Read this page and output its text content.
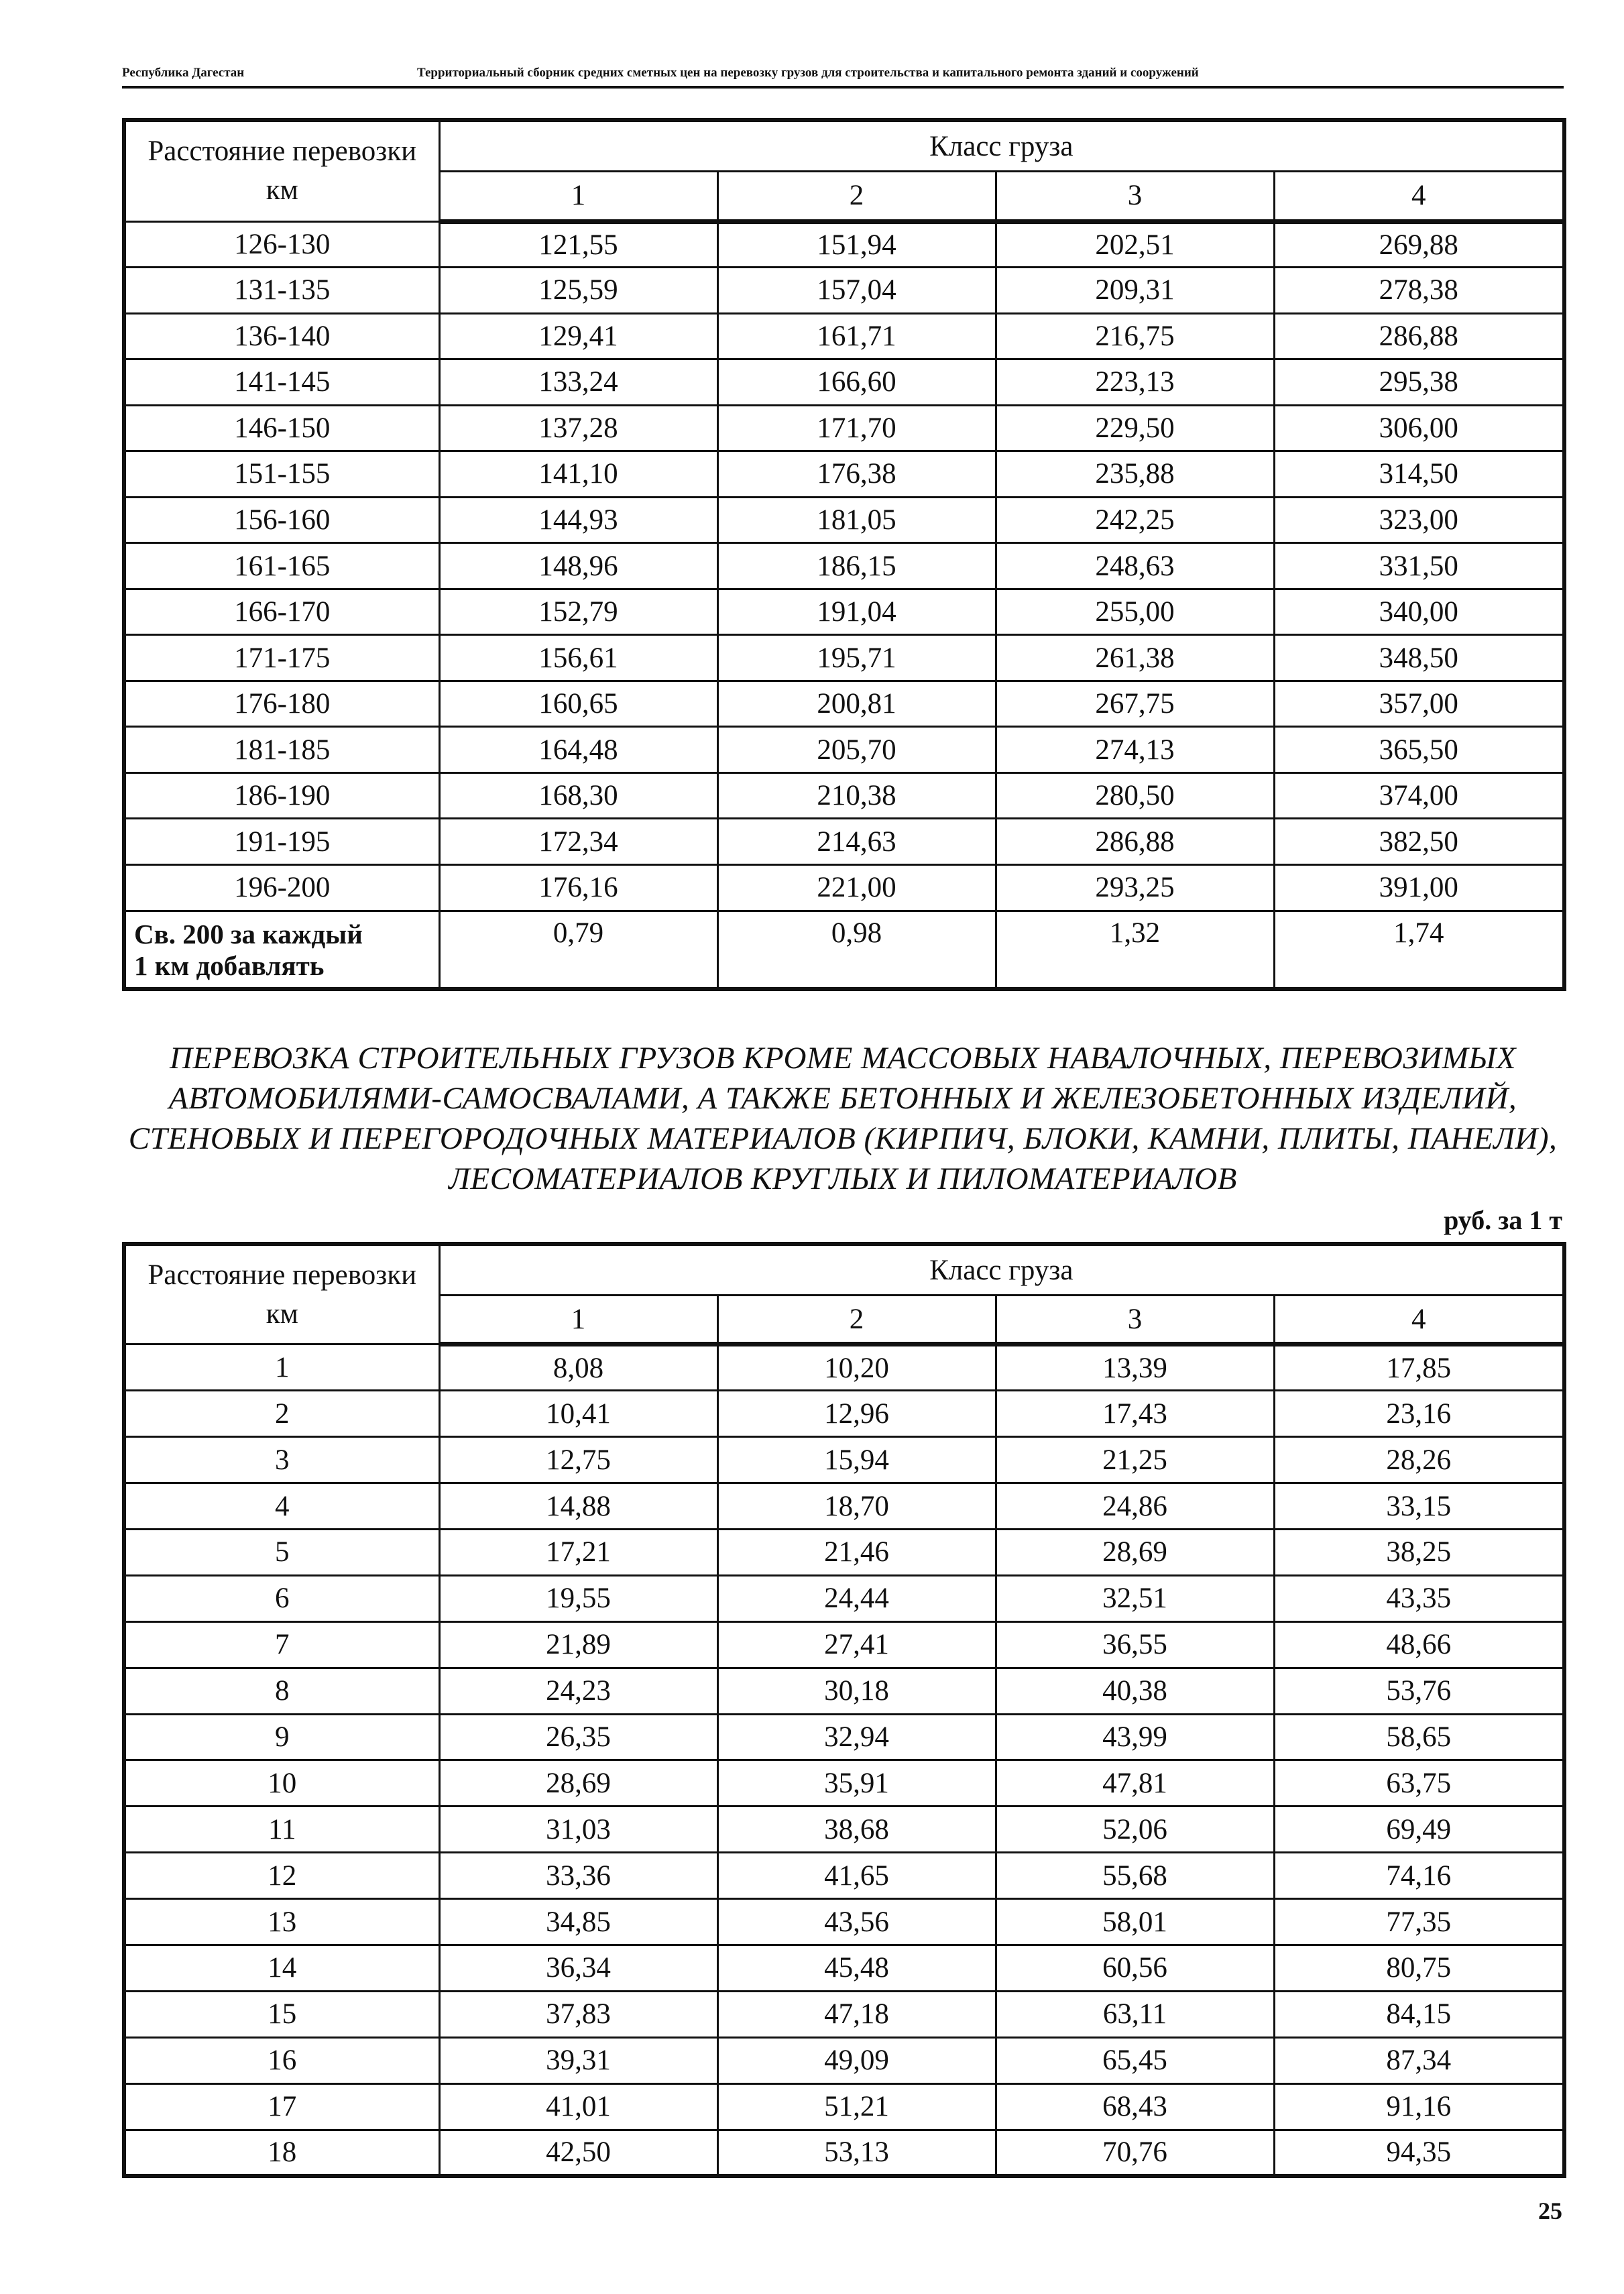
Республика Дагестан	Территориальный сборник средних сметных цен на перевозку грузов для строительства и капитального ремонта зданий и сооружений
Расстояние перевозки
км	Класс груза			
	1	2	3	4
126-130	121,55	151,94	202,51	269,88
131-135	125,59	157,04	209,31	278,38
136-140	129,41	161,71	216,75	286,88
141-145	133,24	166,60	223,13	295,38
146-150	137,28	171,70	229,50	306,00
151-155	141,10	176,38	235,88	314,50
156-160	144,93	181,05	242,25	323,00
161-165	148,96	186,15	248,63	331,50
166-170	152,79	191,04	255,00	340,00
171-175	156,61	195,71	261,38	348,50
176-180	160,65	200,81	267,75	357,00
181-185	164,48	205,70	274,13	365,50
186-190	168,30	210,38	280,50	374,00
191-195	172,34	214,63	286,88	382,50
196-200	176,16	221,00	293,25	391,00

Св. 200 за каждый
1 км добавлять	0,79	0,98	1,32	1,74
ПЕРЕВОЗКА СТРОИТЕЛЬНЫХ ГРУЗОВ КРОМЕ МАССОВЫХ НАВАЛОЧНЫХ, ПЕРЕВОЗИМЫХ
АВТОМОБИЛЯМИ-САМОСВАЛАМИ, А ТАКЖЕ БЕТОННЫХ И ЖЕЛЕЗОБЕТОННЫХ ИЗДЕЛИЙ,
СТЕНОВЫХ И ПЕРЕГОРОДОЧНЫХ МАТЕРИАЛОВ (КИРПИЧ, БЛОКИ, КАМНИ, ПЛИТЫ, ПАНЕЛИ),
ЛЕСОМАТЕРИАЛОВ КРУГЛЫХ И ПИЛОМАТЕРИАЛОВ
руб. за 1 т
Расстояние перевозки
км	Класс груза			
	1	2	3	4
1	8,08	10,20	13,39	17,85
2	10,41	12,96	17,43	23,16
3	12,75	15,94	21,25	28,26
4	14,88	18,70	24,86	33,15
5	17,21	21,46	28,69	38,25
6	19,55	24,44	32,51	43,35
7	21,89	27,41	36,55	48,66
8	24,23	30,18	40,38	53,76
9	26,35	32,94	43,99	58,65
10	28,69	35,91	47,81	63,75
11	31,03	38,68	52,06	69,49
12	33,36	41,65	55,68	74,16
13	34,85	43,56	58,01	77,35
14	36,34	45,48	60,56	80,75
15	37,83	47,18	63,11	84,15
16	39,31	49,09	65,45	87,34
17	41,01	51,21	68,43	91,16
18	42,50	53,13	70,76	94,35
25
